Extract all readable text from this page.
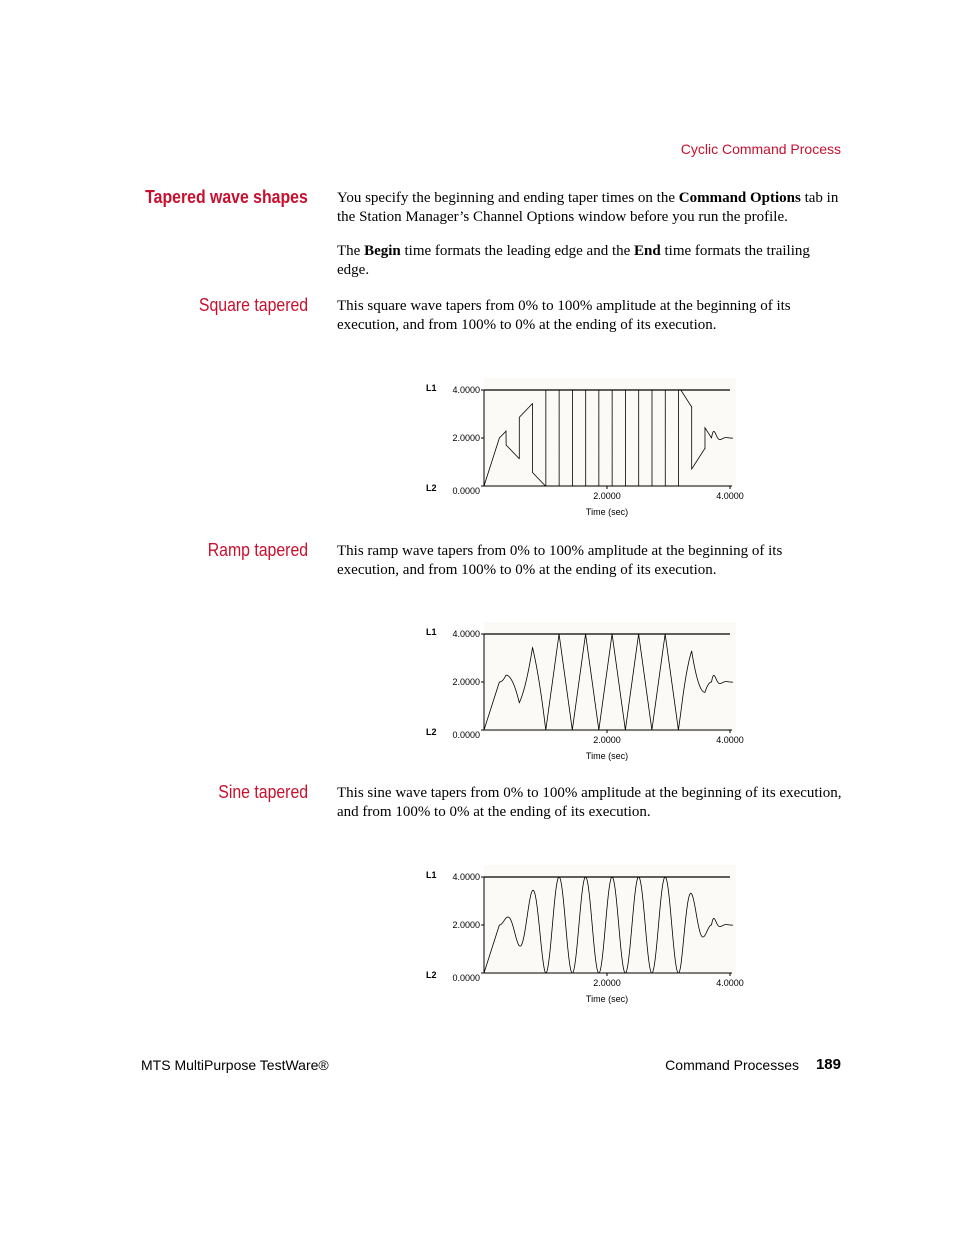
Cyclic Command Process
Tapered wave shapes You specify the beginning and ending taper times on the Command Options tab in the Station Manager’s Channel Options window before you run the profile.
The Begin time formats the leading edge and the End time formats the trailing edge.
Square tapered This square wave tapers from 0% to 100% amplitude at the beginning of its execution, and from 100% to 0% at the ending of its execution.
0.0000
2.0000
4.0000
2.0000	4.0000
Time (sec)
L1
L2
Ramp tapered This ramp wave tapers from 0% to 100% amplitude at the beginning of its execution, and from 100% to 0% at the ending of its execution.
0.0000
2.0000
4.0000
2.0000	4.0000
Time (sec)
L1
L2
Sine tapered This sine wave tapers from 0% to 100% amplitude at the beginning of its execution, and from 100% to 0% at the ending of its execution.
0.0000
2.0000
4.0000
2.0000	4.0000
Time (sec)
L1
L2
MTS MultiPurpose TestWare®	Command Processes 189
